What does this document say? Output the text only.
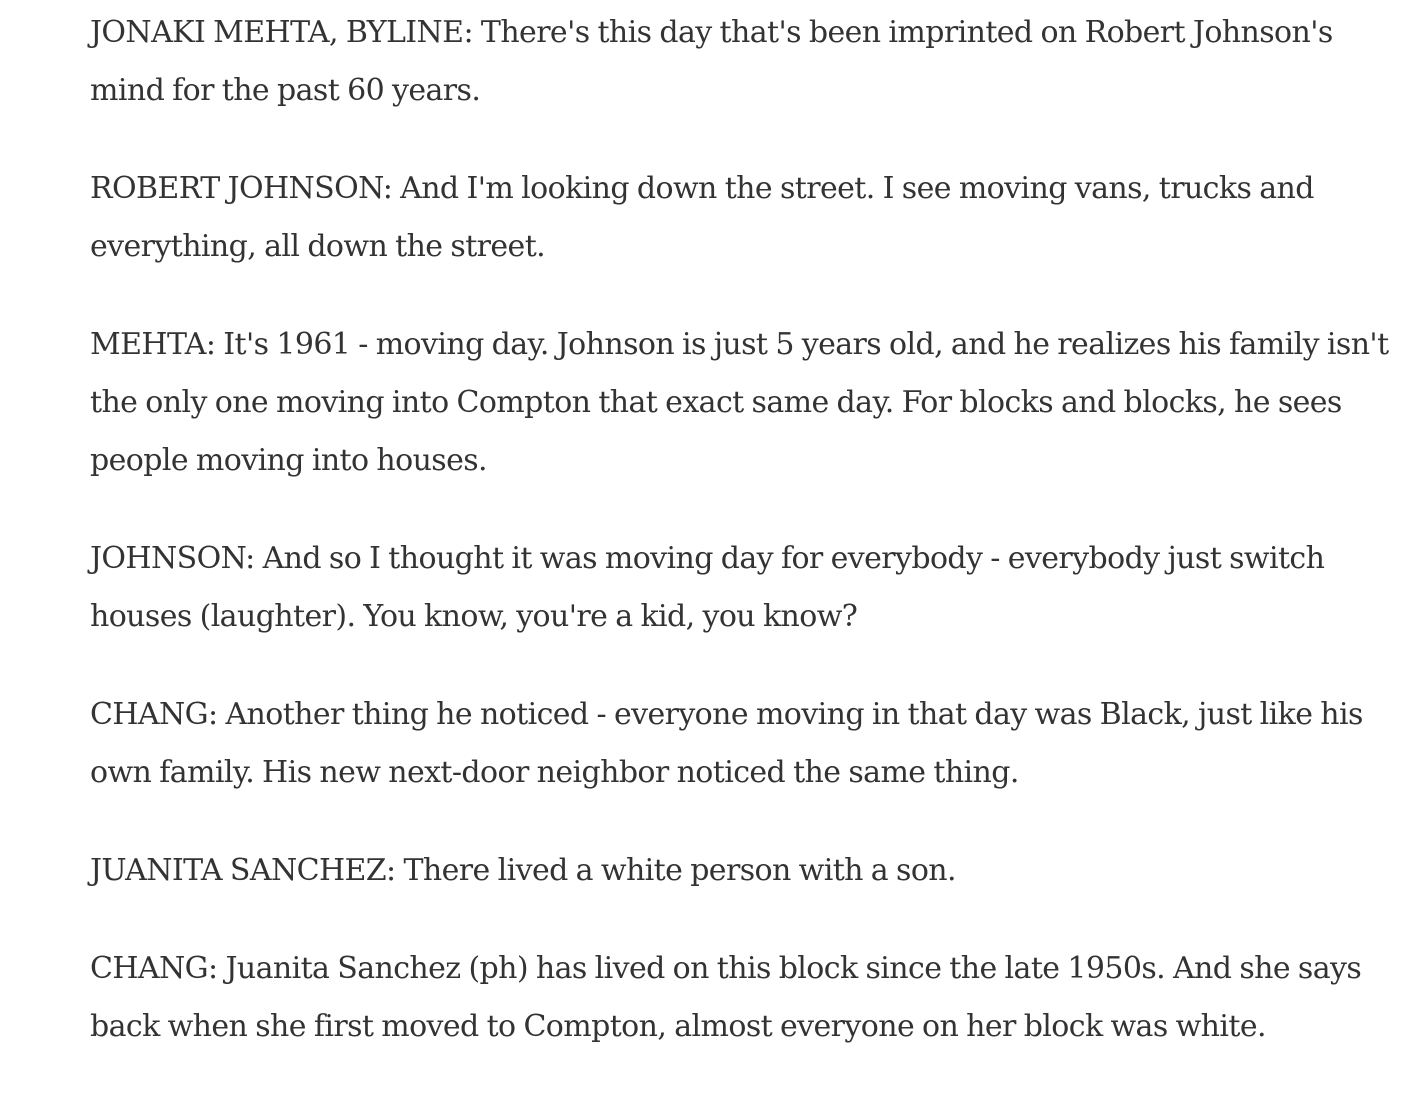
JONAKI MEHTA, BYLINE: There's this day that's been imprinted on Robert Johnson's mind for the past 60 years.

ROBERT JOHNSON: And I'm looking down the street. I see moving vans, trucks and everything, all down the street.

MEHTA: It's 1961 - moving day. Johnson is just 5 years old, and he realizes his family isn't the only one moving into Compton that exact same day. For blocks and blocks, he sees people moving into houses.

JOHNSON: And so I thought it was moving day for everybody - everybody just switch houses (laughter). You know, you're a kid, you know?

CHANG: Another thing he noticed - everyone moving in that day was Black, just like his own family. His new next-door neighbor noticed the same thing.

JUANITA SANCHEZ: There lived a white person with a son.

CHANG: Juanita Sanchez (ph) has lived on this block since the late 1950s. And she says back when she first moved to Compton, almost everyone on her block was white.
